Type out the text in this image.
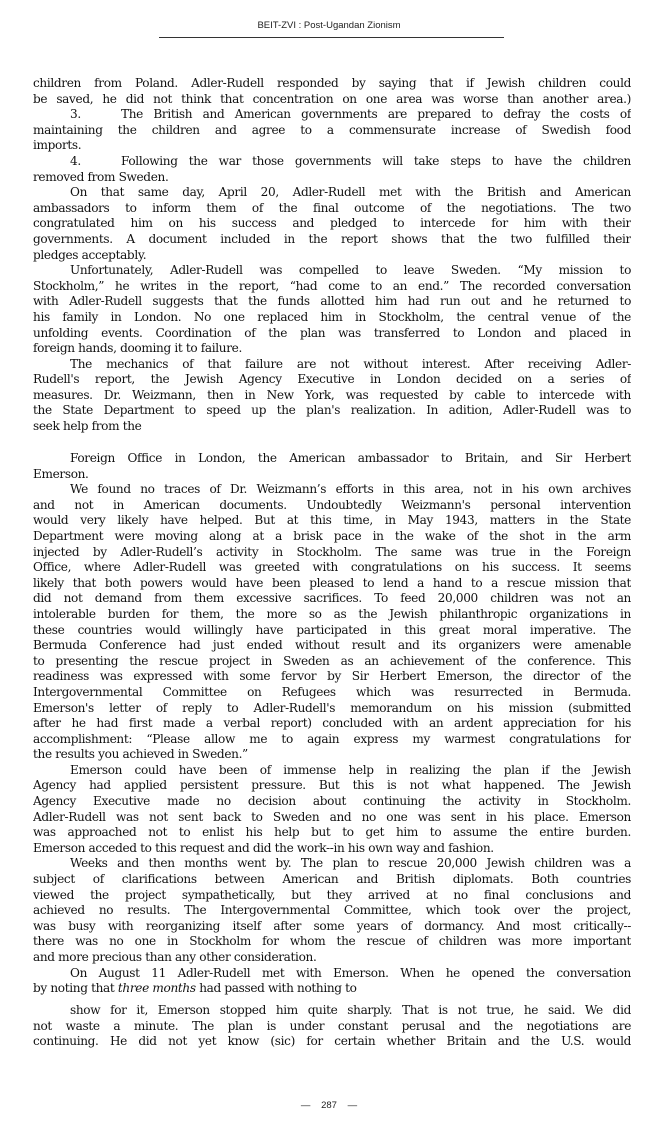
BEIT-ZVI : Post-Ugandan Zionism
children from Poland. Adler-Rudell responded by saying that if Jewish children could
be saved, he did not think that concentration on one area was worse than another area.)
3.	The British and American governments are prepared to defray the costs of
maintaining the children and agree to a commensurate increase of Swedish food
imports.
4.	Following the war those governments will take steps to have the children
removed from Sweden.
On that same day, April 20, Adler-Rudell met with the British and American
ambassadors to inform them of the final outcome of the negotiations. The two
congratulated him on his success and pledged to intercede for him with their
governments. A document included in the report shows that the two fulfilled their
pledges acceptably.
Unfortunately, Adler-Rudell was compelled to leave Sweden. “My mission to
Stockholm,” he writes in the report, “had come to an end.” The recorded conversation
with Adler-Rudell suggests that the funds allotted him had run out and he returned to
his family in London. No one replaced him in Stockholm, the central venue of the
unfolding events. Coordination of the plan was transferred to London and placed in
foreign hands, dooming it to failure.
The mechanics of that failure are not without interest. After receiving Adler-
Rudell's report, the Jewish Agency Executive in London decided on a series of
measures. Dr. Weizmann, then in New York, was requested by cable to intercede with
the State Department to speed up the plan's realization. In adition, Adler-Rudell was to
seek help from the
Foreign Office in London, the American ambassador to Britain, and Sir Herbert
Emerson.
We found no traces of Dr. Weizmann’s efforts in this area, not in his own archives
and not in American documents. Undoubtedly Weizmann's personal intervention
would very likely have helped. But at this time, in May 1943, matters in the State
Department were moving along at a brisk pace in the wake of the shot in the arm
injected by Adler-Rudell’s activity in Stockholm. The same was true in the Foreign
Office, where Adler-Rudell was greeted with congratulations on his success. It seems
likely that both powers would have been pleased to lend a hand to a rescue mission that
did not demand from them excessive sacrifices. To feed 20,000 children was not an
intolerable burden for them, the more so as the Jewish philanthropic organizations in
these countries would willingly have participated in this great moral imperative. The
Bermuda Conference had just ended without result and its organizers were amenable
to presenting the rescue project in Sweden as an achievement of the conference. This
readiness was expressed with some fervor by Sir Herbert Emerson, the director of the
Intergovernmental Committee on Refugees which was resurrected in Bermuda.
Emerson's letter of reply to Adler-Rudell's memorandum on his mission (submitted
after he had first made a verbal report) concluded with an ardent appreciation for his
accomplishment: “Please allow me to again express my warmest congratulations for
the results you achieved in Sweden.”
Emerson could have been of immense help in realizing the plan if the Jewish
Agency had applied persistent pressure. But this is not what happened. The Jewish
Agency Executive made no decision about continuing the activity in Stockholm.
Adler-Rudell was not sent back to Sweden and no one was sent in his place. Emerson
was approached not to enlist his help but to get him to assume the entire burden.
Emerson acceded to this request and did the work--in his own way and fashion.
Weeks and then months went by. The plan to rescue 20,000 Jewish children was a
subject of clarifications between American and British diplomats. Both countries
viewed the project sympathetically, but they arrived at no final conclusions and
achieved no results. The Intergovernmental Committee, which took over the project,
was busy with reorganizing itself after some years of dormancy. And most critically--
there was no one in Stockholm for whom the rescue of children was more important
and more precious than any other consideration.
On August 11 Adler-Rudell met with Emerson. When he opened the conversation
by noting that three months had passed with nothing to
show for it, Emerson stopped him quite sharply. That is not true, he said. We did
not waste a minute. The plan is under constant perusal and the negotiations are
continuing. He did not yet know (sic) for certain whether Britain and the U.S. would
— 287 —
